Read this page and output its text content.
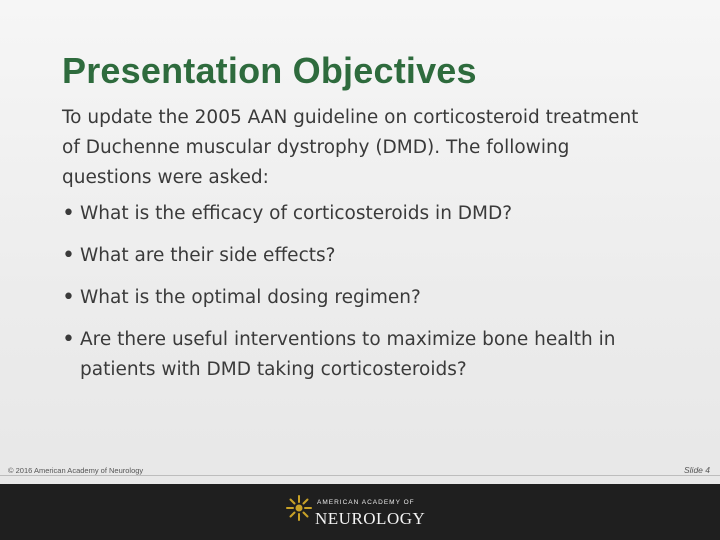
Presentation Objectives

To update the 2005 AAN guideline on corticosteroid treatment of Duchenne muscular dystrophy (DMD). The following questions were asked:

• What is the efficacy of corticosteroids in DMD?
• What are their side effects?
• What is the optimal dosing regimen?
• Are there useful interventions to maximize bone health in patients with DMD taking corticosteroids?
© 2016 American Academy of Neurology	Slide 4
AMERICAN ACADEMY OF
NEUROLOGY
